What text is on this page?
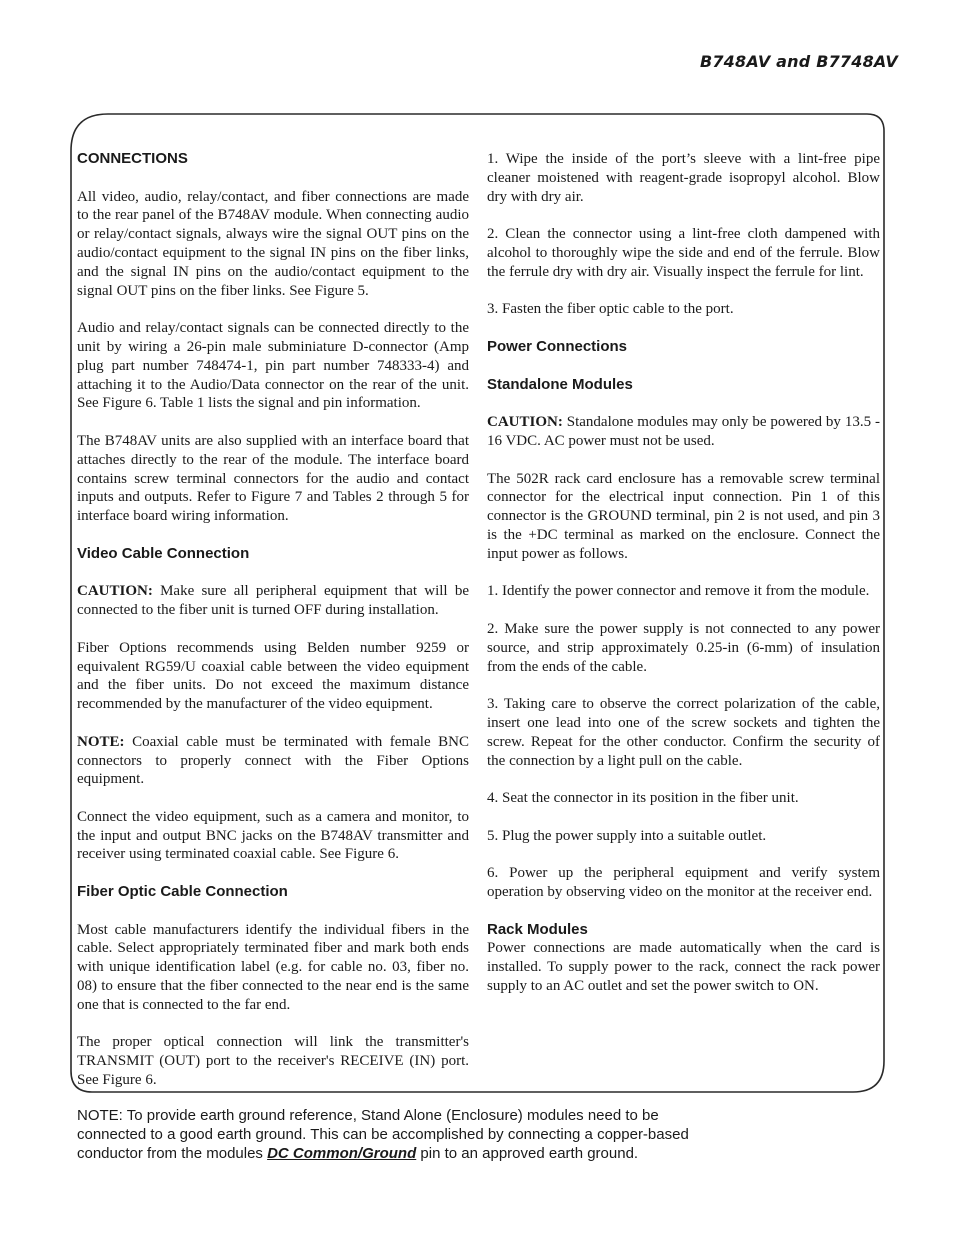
B748AV and B7748AV
CONNECTIONS

All video, audio, relay/contact, and fiber connections are made to the rear panel of the B748AV module. When connecting audio or relay/contact signals, always wire the signal OUT pins on the audio/contact equipment to the signal IN pins on the fiber links, and the signal IN pins on the audio/contact equipment to the signal OUT pins on the fiber links. See Figure 5.

Audio and relay/contact signals can be connected directly to the unit by wiring a 26-pin male subminiature D-connector (Amp plug part number 748474-1, pin part number 748333-4) and attaching it to the Audio/Data connector on the rear of the unit. See Figure 6. Table 1 lists the signal and pin information.

The B748AV units are also supplied with an interface board that attaches directly to the rear of the module. The interface board contains screw terminal connectors for the audio and contact inputs and outputs. Refer to Figure 7 and Tables 2 through 5 for interface board wiring information.

Video Cable Connection

CAUTION: Make sure all peripheral equipment that will be connected to the fiber unit is turned OFF during installation.

Fiber Options recommends using Belden number 9259 or equivalent RG59/U coaxial cable between the video equipment and the fiber units. Do not exceed the maximum distance recommended by the manufacturer of the video equipment.

NOTE: Coaxial cable must be terminated with female BNC connectors to properly connect with the Fiber Options equipment.

Connect the video equipment, such as a camera and monitor, to the input and output BNC jacks on the B748AV transmitter and receiver using terminated coaxial cable. See Figure 6.

Fiber Optic Cable Connection

Most cable manufacturers identify the individual fibers in the cable. Select appropriately terminated fiber and mark both ends with unique identification label (e.g. for cable no. 03, fiber no. 08) to ensure that the fiber connected to the near end is the same one that is connected to the far end.

The proper optical connection will link the transmitter's TRANSMIT (OUT) port to the receiver's RECEIVE (IN) port. See Figure 6.

1. Wipe the inside of the port’s sleeve with a lint-free pipe cleaner moistened with reagent-grade isopropyl alcohol. Blow dry with dry air.

2. Clean the connector using a lint-free cloth dampened with alcohol to thoroughly wipe the side and end of the ferrule. Blow the ferrule dry with dry air. Visually inspect the ferrule for lint.

3. Fasten the fiber optic cable to the port.

Power Connections
Standalone Modules

CAUTION: Standalone modules may only be powered by 13.5 - 16 VDC. AC power must not be used.

The 502R rack card enclosure has a removable screw terminal connector for the electrical input connection. Pin 1 of this connector is the GROUND terminal, pin 2 is not used, and pin 3 is the +DC terminal as marked on the enclosure. Connect the input power as follows.

1. Identify the power connector and remove it from the module.

2. Make sure the power supply is not connected to any power source, and strip approximately 0.25-in (6-mm) of insulation from the ends of the cable.

3. Taking care to observe the correct polarization of the cable, insert one lead into one of the screw sockets and tighten the screw. Repeat for the other conductor. Confirm the security of the connection by a light pull on the cable.

4. Seat the connector in its position in the fiber unit.

5. Plug the power supply into a suitable outlet.

6. Power up the peripheral equipment and verify system operation by observing video on the monitor at the receiver end.

Rack Modules

Power connections are made automatically when the card is installed. To supply power to the rack, connect the rack power supply to an AC outlet and set the power switch to ON.

NOTE: To provide earth ground reference, Stand Alone (Enclosure) modules need to be connected to a good earth ground. This can be accomplished by connecting a copper-based conductor from the modules DC Common/Ground pin to an approved earth ground.
